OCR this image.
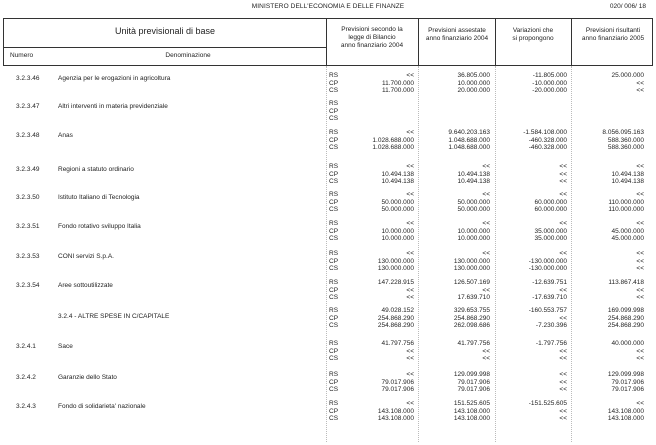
MINISTERO DELL'ECONOMIA E DELLE FINANZE	020/ 006/ 18
Unità previsionali di base
Numero	Denominazione
Previsioni secondo la
legge di Bilancio
anno finanziario 2004
Previsioni assestate
anno finanziario 2004
Variazioni che
si propongono
Previsioni risultanti
anno finanziario 2005
3.2.3.46	Agenzia per le erogazioni in agricoltura	RS	<<	36.805.000	-11.805.000	25.000.000
CP	11.700.000	10.000.000	-10.000.000	<<
CS	11.700.000	20.000.000	-20.000.000	<<
3.2.3.47	Altri interventi in materia previdenziale	RS
CP
CS
3.2.3.48	Anas	RS	<<	9.640.203.163	-1.584.108.000	8.056.095.163
CP	1.028.688.000	1.048.688.000	-460.328.000	588.360.000
CS	1.028.688.000	1.048.688.000	-460.328.000	588.360.000
3.2.3.49	Regioni a statuto ordinario	RS	<<	<<	<<	<<
CP	10.494.138	10.494.138	<<	10.494.138
CS	10.494.138	10.494.138	<<	10.494.138
3.2.3.50	Istituto Italiano di Tecnologia	RS	<<	<<	<<	<<
CP	50.000.000	50.000.000	60.000.000	110.000.000
CS	50.000.000	50.000.000	60.000.000	110.000.000
3.2.3.51	Fondo rotativo sviluppo Italia	RS	<<	<<	<<	<<
CP	10.000.000	10.000.000	35.000.000	45.000.000
CS	10.000.000	10.000.000	35.000.000	45.000.000
3.2.3.53	CONI servizi S.p.A.	RS	<<	<<	<<	<<
CP	130.000.000	130.000.000	-130.000.000	<<
CS	130.000.000	130.000.000	-130.000.000	<<
3.2.3.54	Aree sottoutilizzate	RS	147.228.915	126.507.169	-12.639.751	113.867.418
CP	<<	<<	<<	<<
CS	<<	17.639.710	-17.639.710	<<
3.2.4 - ALTRE SPESE IN C/CAPITALE
RS	49.028.152	329.653.755	-160.553.757	169.099.998
CP	254.868.290	254.868.290	<<	254.868.290
CS	254.868.290	262.098.686	-7.230.396	254.868.290
3.2.4.1	Sace	RS	41.797.756	41.797.756	-1.797.756	40.000.000
CP	<<	<<	<<	<<
CS	<<	<<	<<	<<
3.2.4.2	Garanzie dello Stato	RS	<<	129.099.998	<<	129.099.998
CP	79.017.906	79.017.906	<<	79.017.906
CS	79.017.906	79.017.906	<<	79.017.906
3.2.4.3	Fondo di solidarieta' nazionale	RS	<<	151.525.605	-151.525.605	<<
CP	143.108.000	143.108.000	<<	143.108.000
CS	143.108.000	143.108.000	<<	143.108.000
